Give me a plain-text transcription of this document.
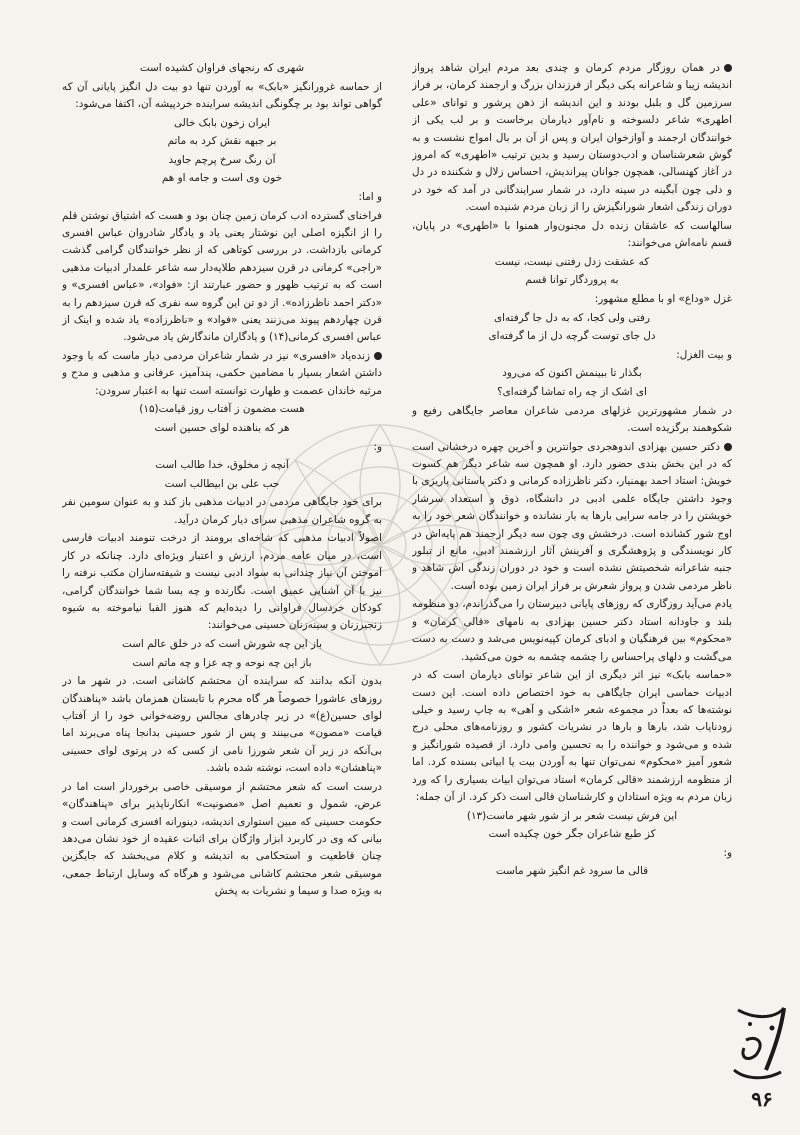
در همان روزگار مردم کرمان و چندی بعد مردم ایران شاهد پرواز اندیشه زیبا و شاعرانه یکی دیگر از فرزندان بزرگ و ارجمند کرمان، بر فراز سرزمین گل و بلبل بودند و این اندیشه از ذهن پرشور و توانای «علی اطهری» شاعر دلسوخته و نام‌آور دیارمان برخاست و بر لب یکی از خوانندگان ارجمند و آوازخوان ایران و پس از آن بر بال امواج نشست و به گوش شعرشناسان و ادب‌دوستان رسید و بدین ترتیب «اطهری» که امروز در آغاز کهنسالی، همچون جوانان پیراندیش، احساس زلال و شکننده در دل و دلی چون آبگینه در سینه دارد، در شمار سرایندگانی در آمد که خود در دوران زندگی اشعار شورانگیزش را از زبان مردم شنیده است.

سالهاست که عاشقان زنده دل مجنون‌وار همنوا با «اطهری» در پایان، قسم نامه‌اش می‌خوانند:

که عشقت زدل رفتنی نیست، نیست

به پروردگار توانا قسم

غزل «وداع» او با مطلع مشهور:

رفتی ولی کجا، که به دل جا گرفته‌ای

دل جای توست گرچه دل از ما گرفته‌ای

و بیت الغزل:

بگذار تا ببینمش اکنون که می‌رود

ای اشک از چه راه تماشا گرفته‌ای؟

در شمار مشهورترین غزلهای مردمی شاعران معاصر جایگاهی رفیع و شکوهمند برگزیده است.

دکتر حسین بهزادی اندوهجردی جوانترین و آخرین چهره درخشانی است که در این بخش بندی حضور دارد. او همچون سه شاعر دیگر هم کسوت خویش: استاد احمد بهمنیار، دکتر ناظرزاده کرمانی و دکتر باستانی پاریزی با وجود داشتن جایگاه علمی ادبی در دانشگاه، ذوق و استعداد سرشار خویشتن را در جامه سرایی بارها به بار نشانده و خوانندگان شعر خود را به اوج شور کشانده است. درخشش وی چون سه دیگر ارجمند هم پایه‌اش در کار نویسندگی و پژوهشگری و آفرینش آثار ارزشمند ادبی، مانع از تبلور جنبه شاعرانه شخصیتش نشده است و خود در دوران زندگی اش شاهد و ناظر مردمی شدن و پرواز شعرش بر فراز ایران زمین بوده است.

یادم می‌آید روزگاری که روزهای پایانی دبیرستان را می‌گذراندم، دو منظومه بلند و جاودانه استاد دکتر حسین بهزادی به نامهای «قالی کرمان» و «محکوم» بین فرهنگیان و ادبای کرمان کپیه‌نویس می‌شد و دست به دست می‌گشت و دلهای پراحساس را چشمه چشمه به خون می‌کشید.

«حماسه بابک» نیز اثر دیگری از این شاعر توانای دیارمان است که در ادبیات حماسی ایران جایگاهی به خود اختصاص داده است. این دست نوشته‌ها که بعداً در مجموعه شعر «اشکی و آهی» به چاپ رسید و خیلی زودنایاب شد، بارها و بارها در نشریات کشور و روزنامه‌های محلی درج شده و می‌شود و خواننده را به تحسین وامی دارد. از قصیده شورانگیز و شعور آمیز «محکوم» نمی‌توان تنها به آوردن بیت یا ابیاتی بسنده کرد. اما از منظومه ارزشمند «قالی کرمان» استاد می‌توان ابیات بسیاری را که ورد زبان مردم به ویژه استادان و کارشناسان قالی است ذکر کرد. از آن جمله:

این فرش نیست شعر بر از شور شهر ماست(۱۳)

کز طبع شاعران جگر خون چکیده است

و:

قالی ما سرود غم انگیز شهر ماست

شهری که رنجهای فراوان کشیده است

از حماسه غرورانگیز «بابک» به آوردن تنها دو بیت دل انگیز پایانی آن که گواهی تواند بود بر چگونگی اندیشه سراینده خردپیشه آن، اکتفا می‌شود:

ایران زخون بابک خالی

بر جبهه نقش کرد به ماتم

آن رنگ سرخ پرچم جاوید

خون وی است و جامه او هم

و اما:

فراخنای گسترده ادب کرمان زمین چنان بود و هست که اشتیاق نوشتن قلم را از انگیزه اصلی این نوشتار یعنی یاد و یادگار شادروان عباس افسری کرمانی بازداشت. در بررسی کوتاهی که از نظر خوانندگان گرامی گذشت «راجی» کرمانی در قرن سیزدهم طلایه‌دار سه شاعر علمدار ادبیات مذهبی است که به ترتیب ظهور و حضور عبارتند از: «فواد»، «عباس افسری» و «دکتر احمد ناظرزاده». از دو تن این گروه سه نفری که قرن سیزدهم را به قرن چهاردهم پیوند می‌زنند یعنی «فواد» و «ناظرزاده» یاد شده و اینک از عباس افسری کرمانی(۱۴) و یادگاران ماندگارش یاد می‌شود.

زنده‌یاد «افسری» نیز در شمار شاعران مردمی دیار ماست که با وجود داشتن اشعار بسیار با مضامین حکمی، پندآمیز، عرفانی و مذهبی و مدح و مرثیه خاندان عصمت و طهارت توانسته است تنها به اعتبار سرودن:

هست مضمون ز آفتاب روز قیامت(۱۵)

هر که بناهنده لوای حسین است

و:

آنچه ز مخلوق، خدا طالب است

حب علی بن ابیطالب است

برای خود جایگاهی مردمی در ادبیات مذهبی باز کند و به عنوان سومین نفر به گروه شاعران مذهبی سرای دیار کرمان درآید.

اصولاً ادبیات مذهبی که شاخه‌ای برومند از درخت تنومند ادبیات فارسی است، در میان عامه مردم، ارزش و اعتبار ویژه‌ای دارد. چنانکه در کار آموختن آن نیاز چندانی به سواد ادبی نیست و شیفته‌سازان مکتب نرفته را نیز با آن آشنایی عمیق است. نگارنده و چه بسا شما خوانندگان گرامی، کودکان خردسال فراوانی را دیده‌ایم که هنوز الفبا نیاموخته به شیوه زنجیرزنان و سینه‌زنان حسینی می‌خوانند:

باز این چه شورش است که در خلق عالم است

باز این چه نوحه و چه عزا و چه ماتم است

بدون آنکه بدانند که سراینده آن محتشم کاشانی است. در شهر ما در روزهای عاشورا خصوصاً هر گاه محرم با تابستان همزمان باشد «پناهندگان لوای حسین(ع)» در زیر چادرهای مجالس روضه‌خوانی خود را از آفتاب قیامت «مصون» می‌بینند و پس از شور حسینی بدانجا پناه می‌برند اما بی‌آنکه در زیر آن شعر شورزا نامی از کسی که در پرتوی لوای حسینی «پناهشان» داده است، نوشته شده باشد.

درست است که شعر محتشم از موسیقی خاصی برخوردار است اما در عرض، شمول و تعمیم اصل «مصونیت» انکارناپذیر برای «پناهندگان» حکومت حسینی که مبین استواری اندیشه، دینورانه افسری کرمانی است و بیانی که وی در کاربرد ابزار واژگان برای اثبات عقیده از خود نشان می‌دهد چنان قاطعیت و استحکامی به اندیشه و کلام می‌بخشد که جایگزین موسیقی شعر محتشم کاشانی می‌شود و هرگاه که وسایل ارتباط جمعی، به ویژه صدا و سیما و نشریات به پخش

۹۶
